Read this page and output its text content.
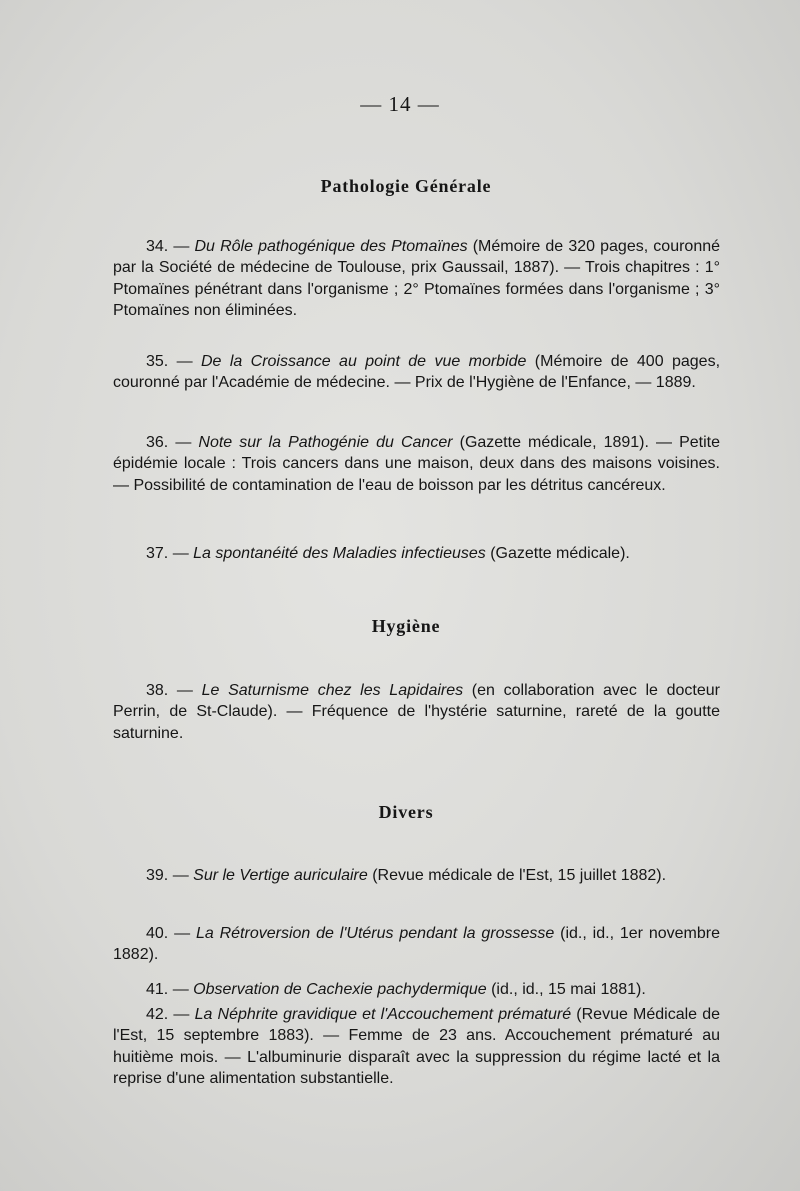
— 14 —
Pathologie Générale

34. — Du Rôle pathogénique des Ptomaïnes (Mémoire de 320 pages, couronné par la Société de médecine de Toulouse, prix Gaussail, 1887). — Trois chapitres : 1° Ptomaïnes pénétrant dans l'organisme ; 2° Ptomaïnes formées dans l'organisme ; 3° Ptomaïnes non éliminées.

35. — De la Croissance au point de vue morbide (Mémoire de 400 pages, couronné par l'Académie de médecine. — Prix de l'Hygiène de l'Enfance, — 1889.

36. — Note sur la Pathogénie du Cancer (Gazette médicale, 1891). — Petite épidémie locale : Trois cancers dans une maison, deux dans des maisons voisines. — Possibilité de contamination de l'eau de boisson par les détritus cancéreux.

37. — La spontanéité des Maladies infectieuses (Gazette médicale).

Hygiène

38. — Le Saturnisme chez les Lapidaires (en collaboration avec le docteur Perrin, de St-Claude). — Fréquence de l'hystérie saturnine, rareté de la goutte saturnine.

Divers

39. — Sur le Vertige auriculaire (Revue médicale de l'Est, 15 juillet 1882).

40. — La Rétroversion de l'Utérus pendant la grossesse (id., id., 1er novembre 1882).

41. — Observation de Cachexie pachydermique (id., id., 15 mai 1881).

42. — La Néphrite gravidique et l'Accouchement prématuré (Revue Médicale de l'Est, 15 septembre 1883). — Femme de 23 ans. Accouchement prématuré au huitième mois. — L'albuminurie disparaît avec la suppression du régime lacté et la reprise d'une alimentation substantielle.
